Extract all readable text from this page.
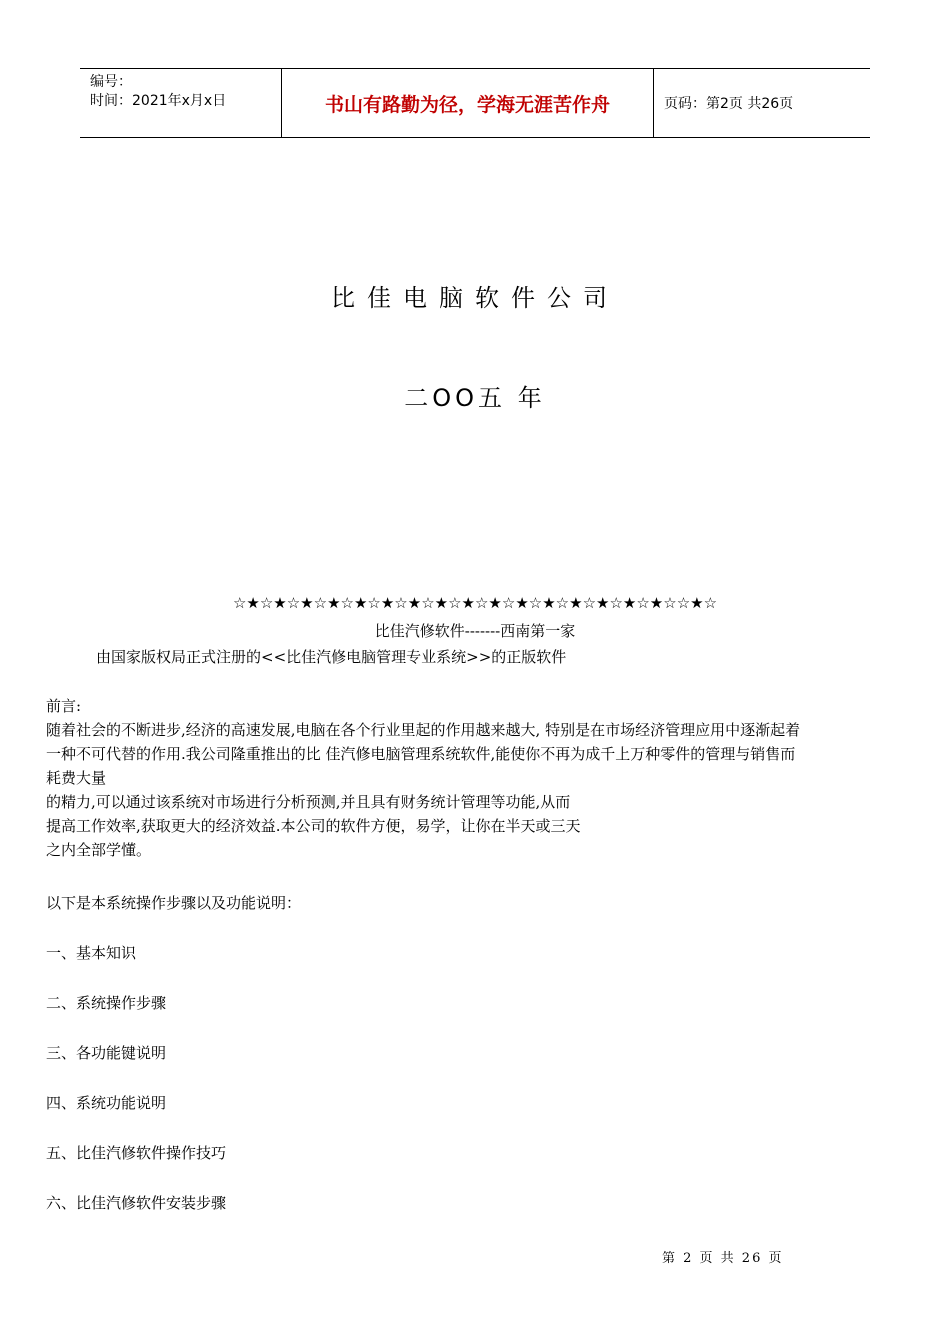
编号：
时间：2021年x月x日	书山有路勤为径，学海无涯苦作舟	页码：第2页 共26页
比佳电脑软件公司
二OO五 年
☆★☆★☆★☆★☆★☆★☆★☆★☆★☆★☆★☆★☆★☆★☆★☆★☆☆★☆
比佳汽修软件-------西南第一家
由国家版权局正式注册的<<比佳汽修电脑管理专业系统>>的正版软件
前言:
随着社会的不断进步,经济的高速发展,电脑在各个行业里起的作用越来越大, 特别是在市场经济管理应用中逐渐起着
一种不可代替的作用.我公司隆重推出的比 佳汽修电脑管理系统软件,能使你不再为成千上万种零件的管理与销售而
耗费大量
的精力,可以通过该系统对市场进行分析预测,并且具有财务统计管理等功能,从而
提高工作效率,获取更大的经济效益.本公司的软件方便，易学，让你在半天或三天
之内全部学懂。
以下是本系统操作步骤以及功能说明：
一、基本知识
二、系统操作步骤
三、各功能键说明
四、系统功能说明
五、比佳汽修软件操作技巧
六、比佳汽修软件安装步骤
第 2 页 共 26 页
